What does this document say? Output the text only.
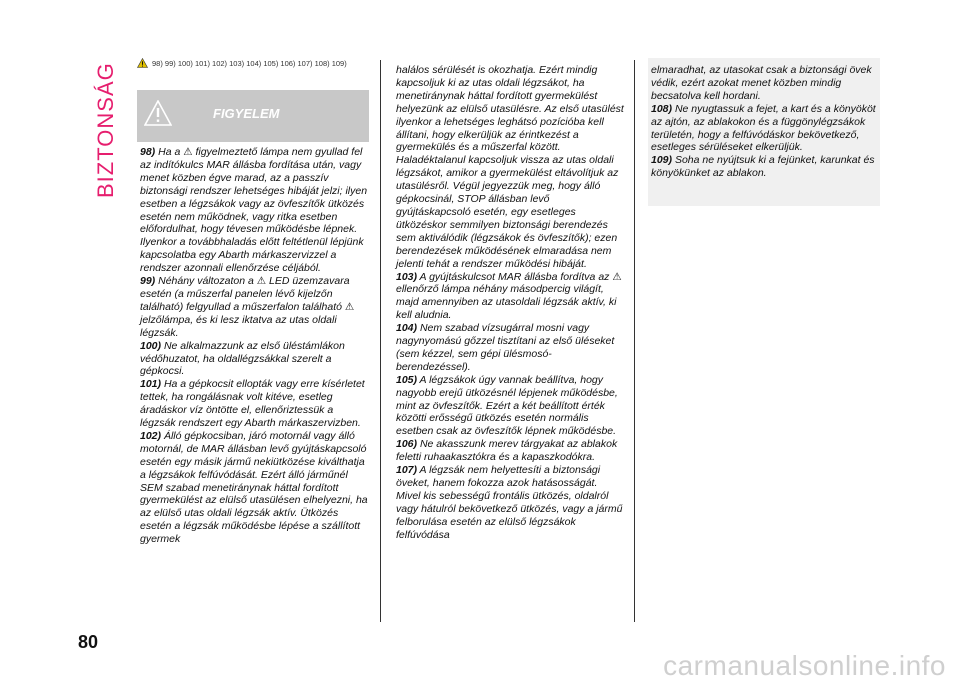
BIZTONSÁG
80
carmanualsonline.info
98) 99) 100) 101) 102) 103) 104) 105) 106) 107) 108) 109)
FIGYELEM

98) Ha a ⚠ figyelmeztető lámpa nem gyullad fel az indítókulcs MAR állásba fordítása után, vagy menet közben égve marad, az a passzív biztonsági rendszer lehetséges hibáját jelzi; ilyen esetben a légzsákok vagy az övfeszítők ütközés esetén nem működnek, vagy ritka esetben előfordulhat, hogy tévesen működésbe lépnek. Ilyenkor a továbbhaladás előtt feltétlenül lépjünk kapcsolatba egy Abarth márkaszervizzel a rendszer azonnali ellenőrzése céljából.

99) Néhány változaton a ⚠ LED üzemzavara esetén (a műszerfal panelen lévő kijelzőn található) felgyullad a műszerfalon található ⚠ jelzőlámpa, és ki lesz iktatva az utas oldali légzsák.

100) Ne alkalmazzunk az első üléstámlákon védőhuzatot, ha oldallégzsákkal szerelt a gépkocsi.

101) Ha a gépkocsit ellopták vagy erre kísérletet tettek, ha rongálásnak volt kitéve, esetleg áradáskor víz öntötte el, ellenőriztessük a légzsák rendszert egy Abarth márkaszervizben.

102) Álló gépkocsiban, járó motornál vagy álló motornál, de MAR állásban levő gyújtáskapcsoló esetén egy másik jármű nekiütközése kiválthatja a légzsákok felfúvódását. Ezért álló járműnél SEM szabad menetiránynak háttal fordított gyermekülést az elülső utasülésen elhelyezni, ha az elülső utas oldali légzsák aktív. Ütközés esetén a légzsák működésbe lépése a szállított gyermek

halálos sérülését is okozhatja. Ezért mindig kapcsoljuk ki az utas oldali légzsákot, ha menetiránynak háttal fordított gyermekülést helyezünk az elülső utasülésre. Az első utasülést ilyenkor a lehetséges leghátsó pozícióba kell állítani, hogy elkerüljük az érintkezést a gyermekülés és a műszerfal között. Haladéktalanul kapcsoljuk vissza az utas oldali légzsákot, amikor a gyermekülést eltávolítjuk az utasülésről. Végül jegyezzük meg, hogy álló gépkocsinál, STOP állásban levő gyújtáskapcsoló esetén, egy esetleges ütközéskor semmilyen biztonsági berendezés sem aktiválódik (légzsákok és övfeszítők); ezen berendezések működésének elmaradása nem jelenti tehát a rendszer működési hibáját.

103) A gyújtáskulcsot MAR állásba fordítva az ⚠ ellenőrző lámpa néhány másodpercig világít, majd amennyiben az utasoldali légzsák aktív, ki kell aludnia.

104) Nem szabad vízsugárral mosni vagy nagynyomású gőzzel tisztítani az első üléseket (sem kézzel, sem gépi ülésmosó-berendezéssel).

105) A légzsákok úgy vannak beállítva, hogy nagyobb erejű ütközésnél lépjenek működésbe, mint az övfeszítők. Ezért a két beállított érték közötti erősségű ütközés esetén normális esetben csak az övfeszítők lépnek működésbe.

106) Ne akasszunk merev tárgyakat az ablakok feletti ruhaakasztókra és a kapaszkodókra.

107) A légzsák nem helyettesíti a biztonsági öveket, hanem fokozza azok hatásosságát. Mivel kis sebességű frontális ütközés, oldalról vagy hátulról bekövetkező ütközés, vagy a jármű felborulása esetén az elülső légzsákok felfúvódása

elmaradhat, az utasokat csak a biztonsági övek védik, ezért azokat menet közben mindig becsatolva kell hordani.

108) Ne nyugtassuk a fejet, a kart és a könyököt az ajtón, az ablakokon és a függönylégzsákok területén, hogy a felfúvódáskor bekövetkező, esetleges sérüléseket elkerüljük.

109) Soha ne nyújtsuk ki a fejünket, karunkat és könyökünket az ablakon.
